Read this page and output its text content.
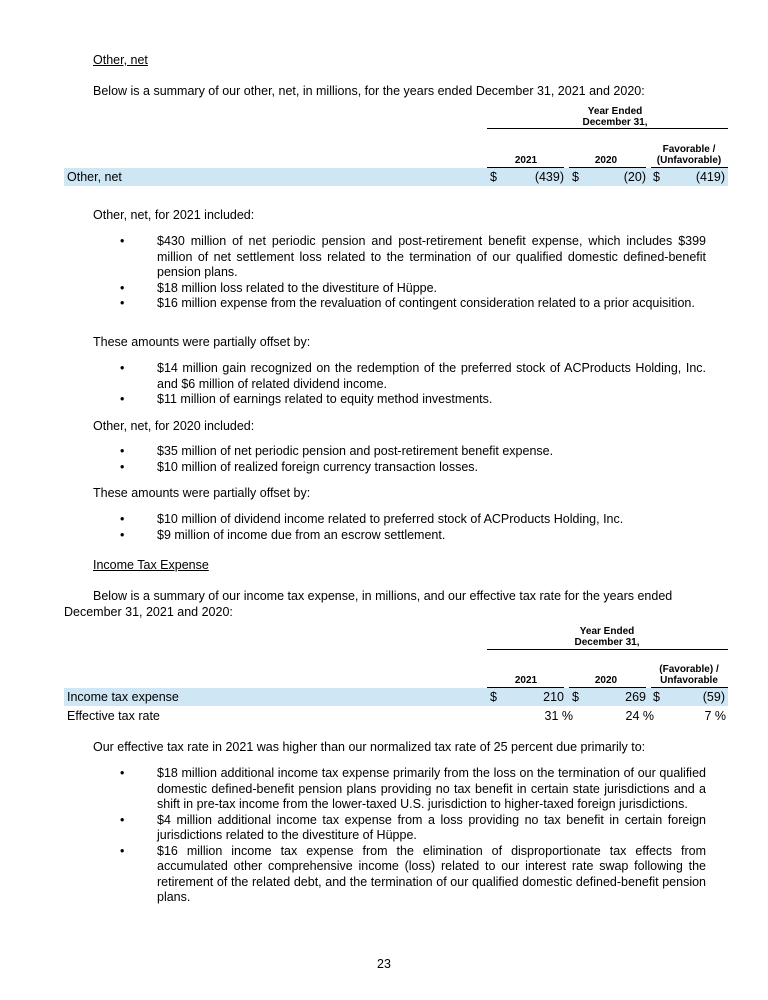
Other, net
Below is a summary of our other, net, in millions, for the years ended December 31, 2021 and 2020:
Year Ended
December 31,
2021	2020
Favorable /
(Unfavorable)
Other, net	$	(439) $	(20) $	(419)
Other, net, for 2021 included:
•	$430 million of net periodic pension and post-retirement benefit expense, which includes $399 million of net settlement loss related to the termination of our qualified domestic defined-benefit pension plans.
•	$18 million loss related to the divestiture of Hüppe.
•	$16 million expense from the revaluation of contingent consideration related to a prior acquisition.
These amounts were partially offset by:
•	$14 million gain recognized on the redemption of the preferred stock of ACProducts Holding, Inc. and $6 million of related dividend income.
•	$11 million of earnings related to equity method investments.
Other, net, for 2020 included:
•	$35 million of net periodic pension and post-retirement benefit expense.
•	$10 million of realized foreign currency transaction losses.
These amounts were partially offset by:
•	$10 million of dividend income related to preferred stock of ACProducts Holding, Inc.
•	$9 million of income due from an escrow settlement.
Income Tax Expense
Below is a summary of our income tax expense, in millions, and our effective tax rate for the years ended December 31, 2021 and 2020:
Year Ended
December 31,
2021	2020
(Favorable) /
Unfavorable
Income tax expense	$	210 $	269 $	(59)
Effective tax rate	31 %	24 %	7 %
Our effective tax rate in 2021 was higher than our normalized tax rate of 25 percent due primarily to:
•	$18 million additional income tax expense primarily from the loss on the termination of our qualified domestic defined-benefit pension plans providing no tax benefit in certain state jurisdictions and a shift in pre-tax income from the lower-taxed U.S. jurisdiction to higher-taxed foreign jurisdictions.
•	$4 million additional income tax expense from a loss providing no tax benefit in certain foreign jurisdictions related to the divestiture of Hüppe.
•	$16 million income tax expense from the elimination of disproportionate tax effects from accumulated other comprehensive income (loss) related to our interest rate swap following the retirement of the related debt, and the termination of our qualified domestic defined-benefit pension plans.
23
